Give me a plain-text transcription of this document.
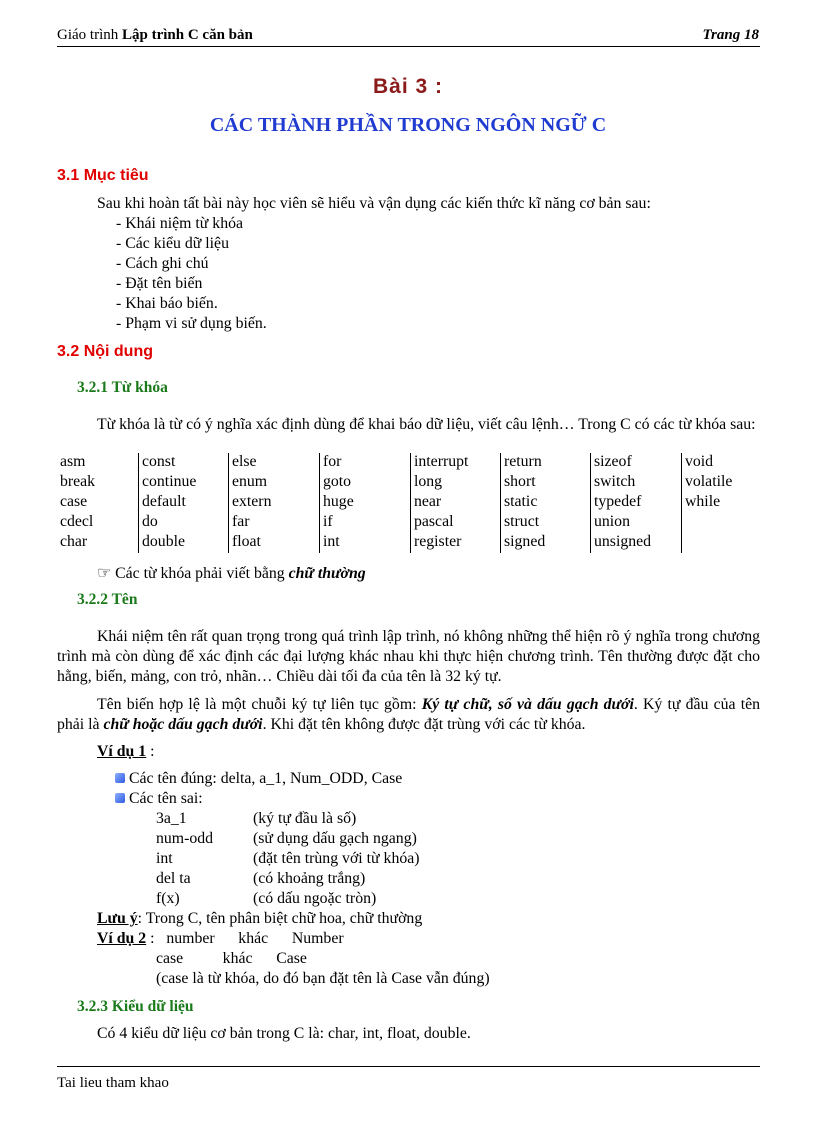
Giáo trình Lập trình C căn bản	Trang 18
Bài 3 :
CÁC THÀNH PHẦN TRONG NGÔN NGỮ C
3.1 Mục tiêu
Sau khi hoàn tất bài này học viên sẽ hiểu và vận dụng các kiến thức kĩ năng cơ bản sau:
- Khái niệm từ khóa
- Các kiểu dữ liệu
- Cách ghi chú
- Đặt tên biến
- Khai báo biến.
- Phạm vi sử dụng biến.
3.2 Nội dung
3.2.1 Từ khóa
Từ khóa là từ có ý nghĩa xác định dùng để khai báo dữ liệu, viết câu lệnh… Trong C có các từ khóa sau:
asm	const	else	for	interrupt	return	sizeof	void
break	continue	enum	goto	long	short	switch	volatile
case	default	extern	huge	near	static	typedef	while
cdecl	do	far	if	pascal	struct	union	
char	double	float	int	register	signed	unsigned	
☞ Các từ khóa phải viết bằng chữ thường
3.2.2 Tên
Khái niệm tên rất quan trọng trong quá trình lập trình, nó không những thể hiện rõ ý nghĩa trong chương trình mà còn dùng để xác định các đại lượng khác nhau khi thực hiện chương trình. Tên thường được đặt cho hằng, biến, mảng, con trỏ, nhãn… Chiều dài tối đa của tên là 32 ký tự.
Tên biến hợp lệ là một chuỗi ký tự liên tục gồm: Ký tự chữ, số và dấu gạch dưới. Ký tự đầu của tên phải là chữ hoặc dấu gạch dưới. Khi đặt tên không được đặt trùng với các từ khóa.
Ví dụ 1 :
Các tên đúng: delta, a_1, Num_ODD, Case
Các tên sai:
3a_1	(ký tự đầu là số)
num-odd	(sử dụng dấu gạch ngang)
int	(đặt tên trùng với từ khóa)
del ta	(có khoảng trắng)
f(x)	(có dấu ngoặc tròn)
Lưu ý: Trong C, tên phân biệt chữ hoa, chữ thường
Ví dụ 2 :   number      khác      Number
case          khác      Case
(case là từ khóa, do đó bạn đặt tên là Case vẫn đúng)
3.2.3 Kiểu dữ liệu
Có 4 kiểu dữ liệu cơ bản trong C là: char, int, float, double.
Tai lieu tham khao
